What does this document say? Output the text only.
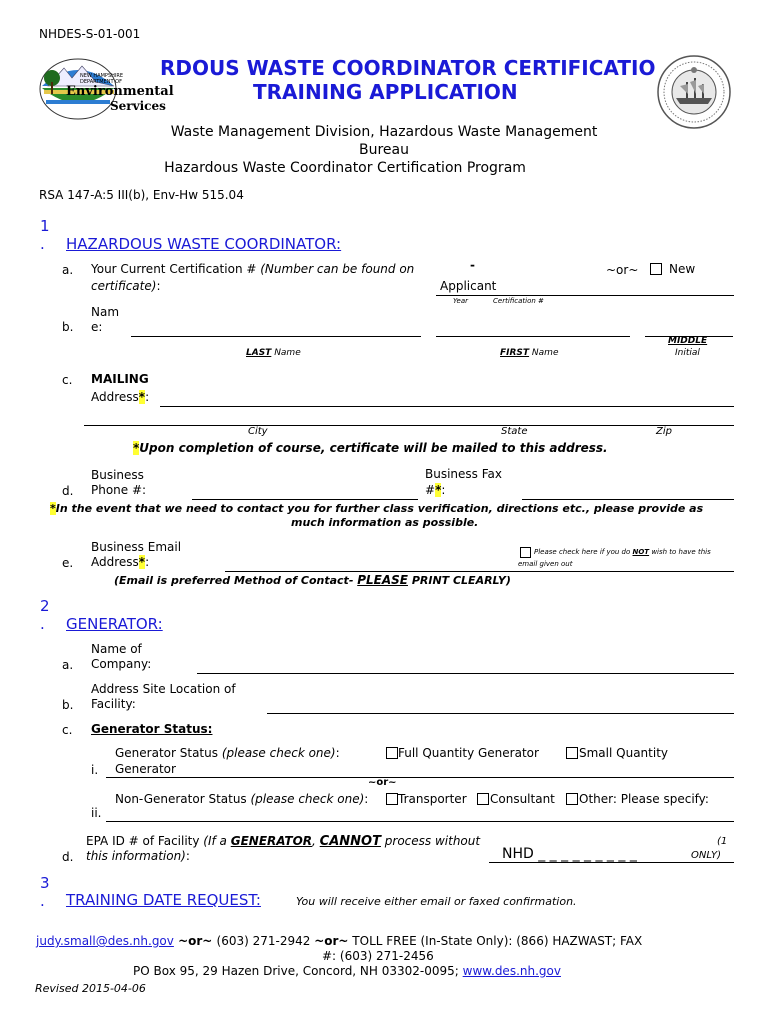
NHDES-S-01-001
NEW HAMPSHIRE
DEPARTMENT OF
Environmental
Services
RDOUS WASTE COORDINATOR CERTIFICATIO
TRAINING APPLICATION
Waste Management Division, Hazardous Waste Management
Bureau
Hazardous Waste Coordinator Certification Program
RSA 147-A:5 III(b), Env-Hw 515.04
1
. HAZARDOUS WASTE COORDINATOR:
a. Your Current Certification # (Number can be found on
certificate):
-	~or~	New
Applicant
Year	Certification #
Nam
b. e:
LAST Name	FIRST Name
MIDDLE
Initial
c. MAILING
Address*:
City	State	Zip
*Upon completion of course, certificate will be mailed to this address.
Business
d. Phone #:
Business Fax
#*:
*In the event that we need to contact you for further class verification, directions etc., please provide as
much information as possible.
Business Email
e. Address*:
Please check here if you do NOT wish to have this
email given out
(Email is preferred Method of Contact- PLEASE PRINT CLEARLY)
2
. GENERATOR:
Name of
a. Company:
Address Site Location of
b. Facility:
c. Generator Status:
Generator Status (please check one):	Full Quantity Generator	Small Quantity
i. Generator
~or~
Non-Generator Status (please check one): Transporter Consultant Other: Please specify:
ii.
EPA ID # of Facility (If a GENERATOR, CANNOT process without
d. this information):	NHD _ _ _ _ _ _ _ _ _
(1
ONLY)
3
. TRAINING DATE REQUEST:	You will receive either email or faxed confirmation.
judy.small@des.nh.gov ~or~ (603) 271-2942 ~or~ TOLL FREE (In-State Only): (866) HAZWAST; FAX
#: (603) 271-2456
PO Box 95, 29 Hazen Drive, Concord, NH 03302-0095; www.des.nh.gov
Revised 2015-04-06
